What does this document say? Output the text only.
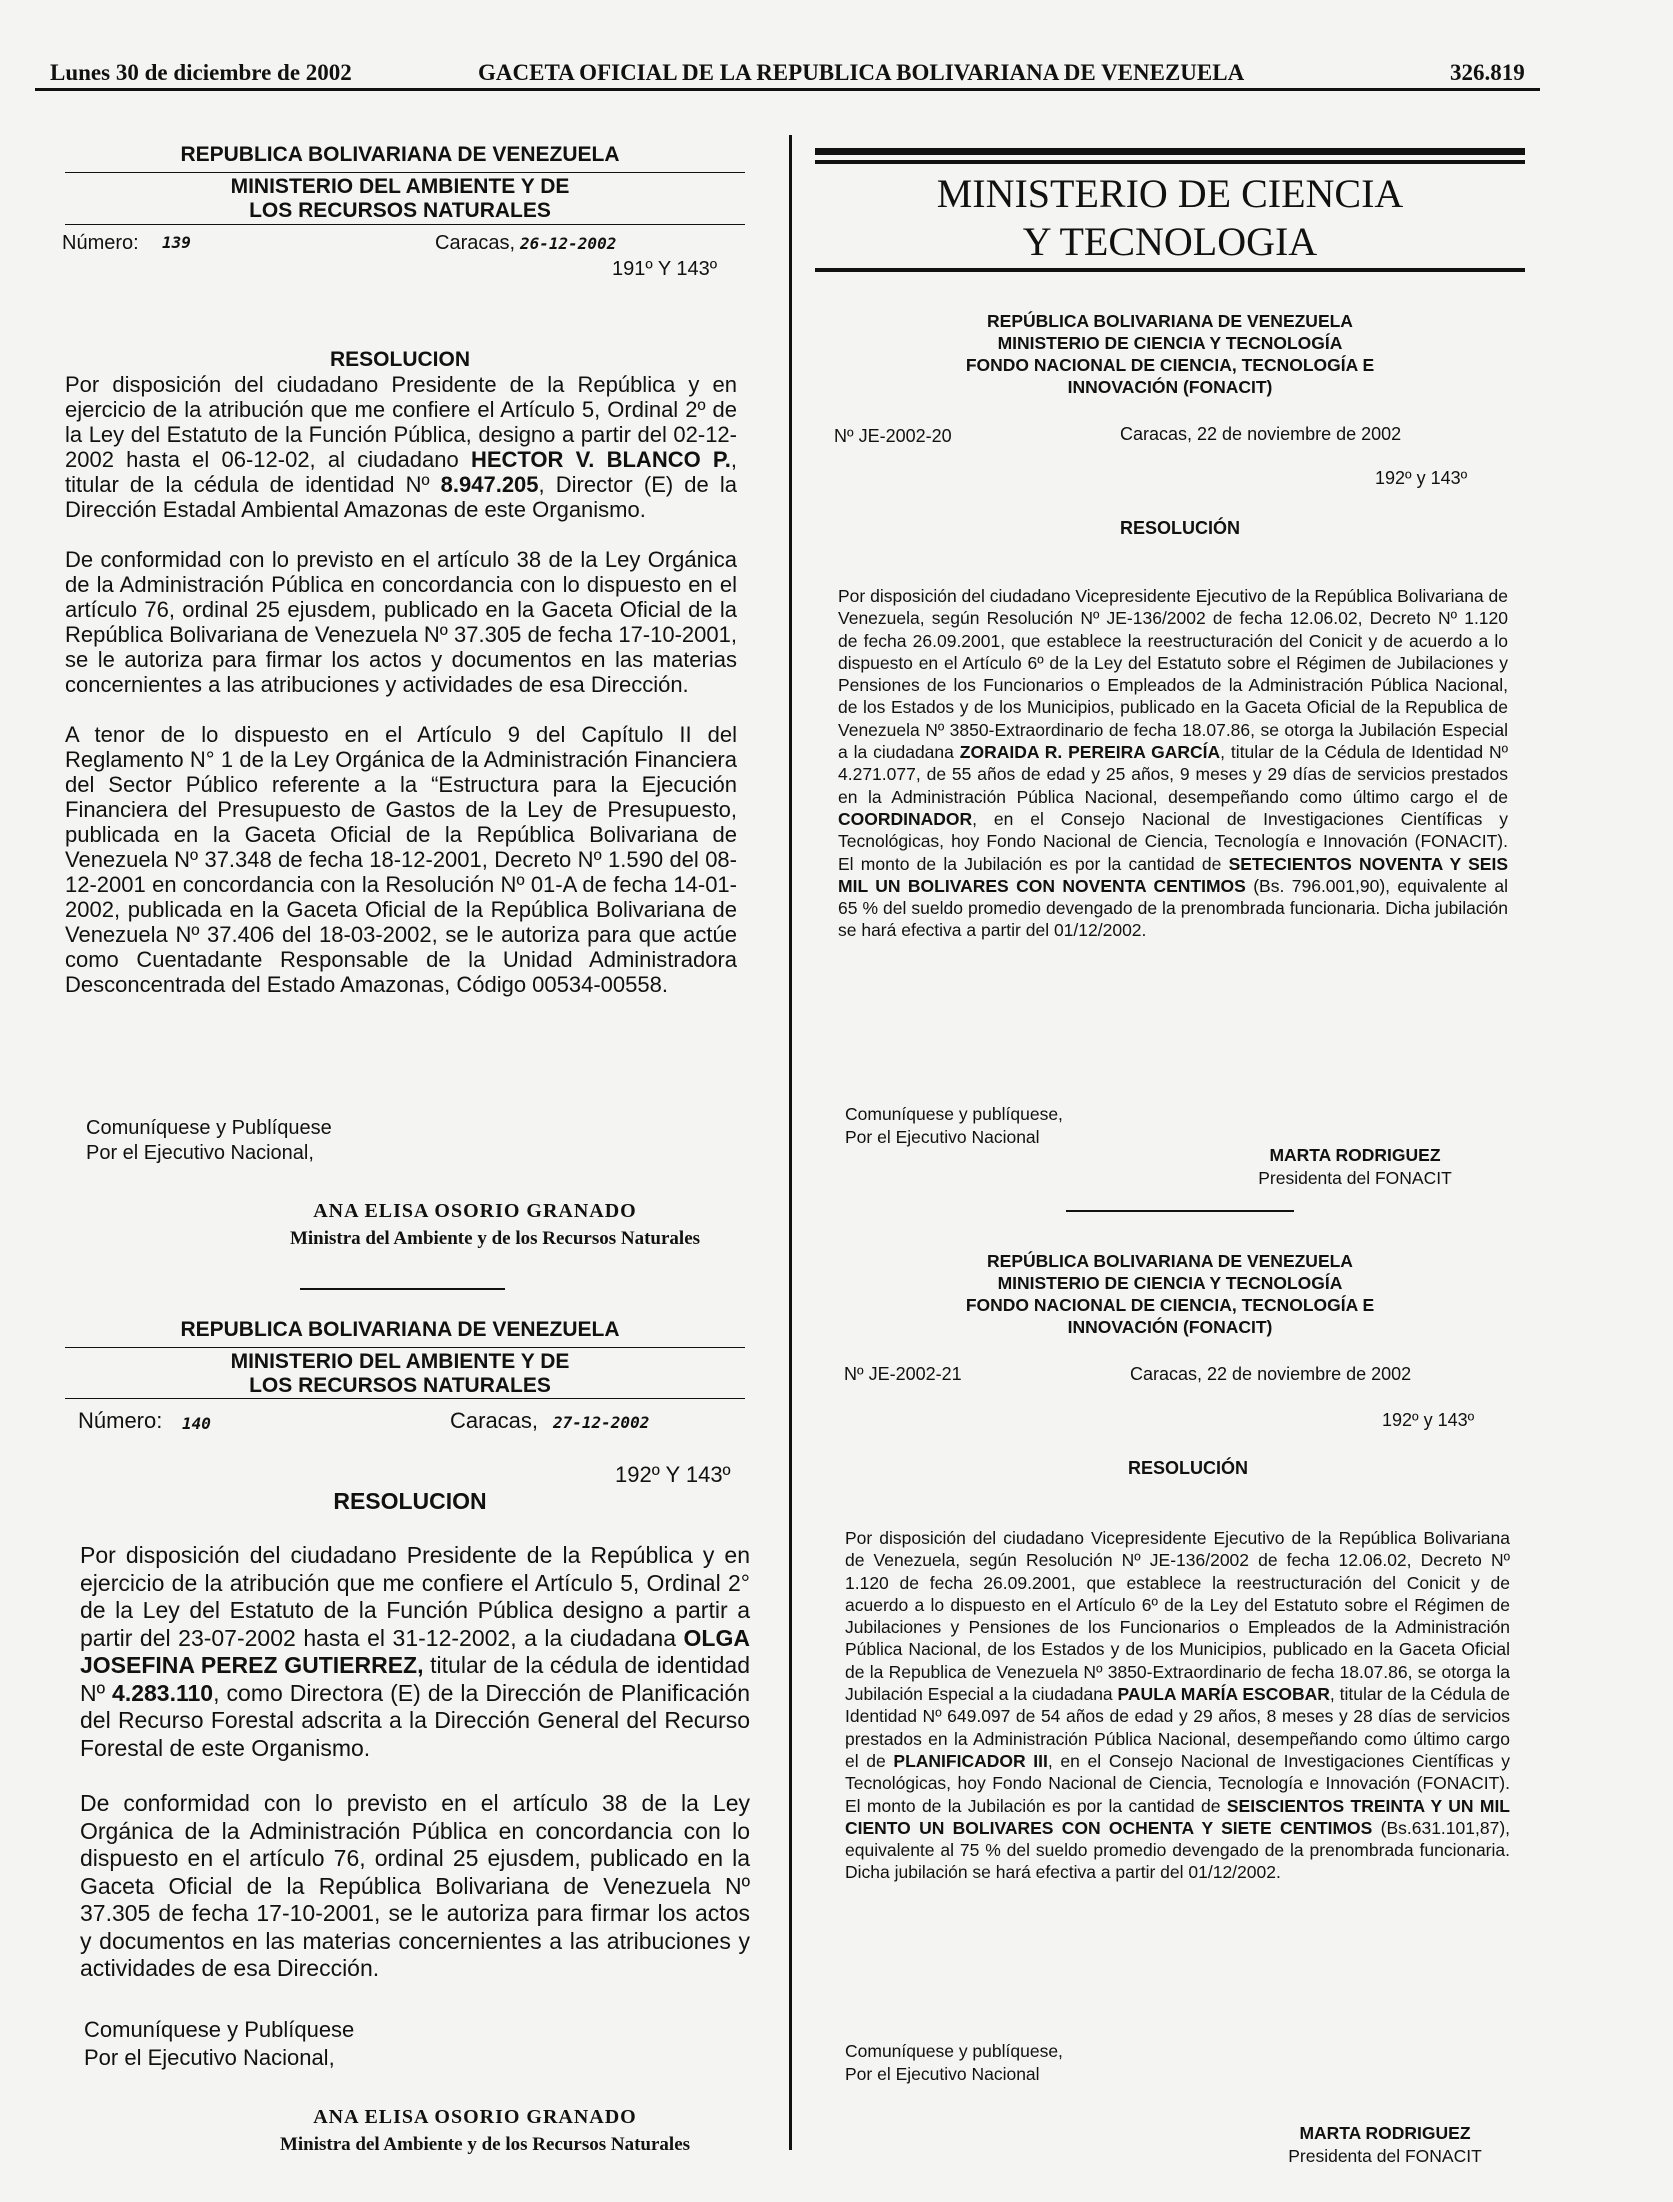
Lunes 30 de diciembre de 2002	GACETA OFICIAL DE LA REPUBLICA BOLIVARIANA DE VENEZUELA	326.819
REPUBLICA BOLIVARIANA DE VENEZUELA
MINISTERIO DEL AMBIENTE Y DE
LOS RECURSOS NATURALES
Número: 139	Caracas, 26-12-2002
191º Y 143º
RESOLUCION

Por disposición del ciudadano Presidente de la República y en ejercicio de la atribución que me confiere el Artículo 5, Ordinal 2º de la Ley del Estatuto de la Función Pública, designo a partir del 02-12-2002 hasta el 06-12-02, al ciudadano HECTOR V. BLANCO P., titular de la cédula de identidad Nº 8.947.205, Director (E) de la Dirección Estadal Ambiental Amazonas de este Organismo.

De conformidad con lo previsto en el artículo 38 de la Ley Orgánica de la Administración Pública en concordancia con lo dispuesto en el artículo 76, ordinal 25 ejusdem, publicado en la Gaceta Oficial de la República Bolivariana de Venezuela Nº 37.305 de fecha 17-10-2001, se le autoriza para firmar los actos y documentos en las materias concernientes a las atribuciones y actividades de esa Dirección.

A tenor de lo dispuesto en el Artículo 9 del Capítulo II del Reglamento N° 1 de la Ley Orgánica de la Administración Financiera del Sector Público referente a la “Estructura para la Ejecución Financiera del Presupuesto de Gastos de la Ley de Presupuesto, publicada en la Gaceta Oficial de la República Bolivariana de Venezuela Nº 37.348 de fecha 18-12-2001, Decreto Nº 1.590 del 08-12-2001 en concordancia con la Resolución Nº 01-A de fecha 14-01-2002, publicada en la Gaceta Oficial de la República Bolivariana de Venezuela Nº 37.406 del 18-03-2002, se le autoriza para que actúe como Cuentadante Responsable de la Unidad Administradora Desconcentrada del Estado Amazonas, Código 00534-00558.

Comuníquese y Publíquese
Por el Ejecutivo Nacional,
ANA ELISA OSORIO GRANADO
Ministra del Ambiente y de los Recursos Naturales
REPUBLICA BOLIVARIANA DE VENEZUELA
MINISTERIO DEL AMBIENTE Y DE
LOS RECURSOS NATURALES
Número: 140	Caracas, 27-12-2002
192º Y 143º
RESOLUCION

Por disposición del ciudadano Presidente de la República y en ejercicio de la atribución que me confiere el Artículo 5, Ordinal 2° de la Ley del Estatuto de la Función Pública designo a partir a partir del 23-07-2002 hasta el 31-12-2002, a la ciudadana OLGA JOSEFINA PEREZ GUTIERREZ, titular de la cédula de identidad Nº 4.283.110, como Directora (E) de la Dirección de Planificación del Recurso Forestal adscrita a la Dirección General del Recurso Forestal de este Organismo.

De conformidad con lo previsto en el artículo 38 de la Ley Orgánica de la Administración Pública en concordancia con lo dispuesto en el artículo 76, ordinal 25 ejusdem, publicado en la Gaceta Oficial de la República Bolivariana de Venezuela Nº 37.305 de fecha 17-10-2001, se le autoriza para firmar los actos y documentos en las materias concernientes a las atribuciones y actividades de esa Dirección.

Comuníquese y Publíquese
Por el Ejecutivo Nacional,
ANA ELISA OSORIO GRANADO
Ministra del Ambiente y de los Recursos Naturales
MINISTERIO DE CIENCIA
Y TECNOLOGIA
REPÚBLICA BOLIVARIANA DE VENEZUELA
MINISTERIO DE CIENCIA Y TECNOLOGÍA
FONDO NACIONAL DE CIENCIA, TECNOLOGÍA E
INNOVACIÓN (FONACIT)
Nº JE-2002-20	Caracas, 22 de noviembre de 2002
192º y 143º
RESOLUCIÓN

Por disposición del ciudadano Vicepresidente Ejecutivo de la República Bolivariana de Venezuela, según Resolución Nº JE-136/2002 de fecha 12.06.02, Decreto Nº 1.120 de fecha 26.09.2001, que establece la reestructuración del Conicit y de acuerdo a lo dispuesto en el Artículo 6º de la Ley del Estatuto sobre el Régimen de Jubilaciones y Pensiones de los Funcionarios o Empleados de la Administración Pública Nacional, de los Estados y de los Municipios, publicado en la Gaceta Oficial de la Republica de Venezuela Nº 3850-Extraordinario de fecha 18.07.86, se otorga la Jubilación Especial a la ciudadana ZORAIDA R. PEREIRA GARCÍA, titular de la Cédula de Identidad Nº 4.271.077, de 55 años de edad y 25 años, 9 meses y 29 días de servicios prestados en la Administración Pública Nacional, desempeñando como último cargo el de COORDINADOR, en el Consejo Nacional de Investigaciones Científicas y Tecnológicas, hoy Fondo Nacional de Ciencia, Tecnología e Innovación (FONACIT). El monto de la Jubilación es por la cantidad de SETECIENTOS NOVENTA Y SEIS MIL UN BOLIVARES CON NOVENTA CENTIMOS (Bs. 796.001,90), equivalente al 65 % del sueldo promedio devengado de la prenombrada funcionaria. Dicha jubilación se hará efectiva a partir del 01/12/2002.

Comuníquese y publíquese,
Por el Ejecutivo Nacional
MARTA RODRIGUEZ
Presidenta del FONACIT
REPÚBLICA BOLIVARIANA DE VENEZUELA
MINISTERIO DE CIENCIA Y TECNOLOGÍA
FONDO NACIONAL DE CIENCIA, TECNOLOGÍA E
INNOVACIÓN (FONACIT)
Nº JE-2002-21	Caracas, 22 de noviembre de 2002
192º y 143º
RESOLUCIÓN

Por disposición del ciudadano Vicepresidente Ejecutivo de la República Bolivariana de Venezuela, según Resolución Nº JE-136/2002 de fecha 12.06.02, Decreto Nº 1.120 de fecha 26.09.2001, que establece la reestructuración del Conicit y de acuerdo a lo dispuesto en el Artículo 6º de la Ley del Estatuto sobre el Régimen de Jubilaciones y Pensiones de los Funcionarios o Empleados de la Administración Pública Nacional, de los Estados y de los Municipios, publicado en la Gaceta Oficial de la Republica de Venezuela Nº 3850-Extraordinario de fecha 18.07.86, se otorga la Jubilación Especial a la ciudadana PAULA MARÍA ESCOBAR, titular de la Cédula de Identidad Nº 649.097 de 54 años de edad y 29 años, 8 meses y 28 días de servicios prestados en la Administración Pública Nacional, desempeñando como último cargo el de PLANIFICADOR III, en el Consejo Nacional de Investigaciones Científicas y Tecnológicas, hoy Fondo Nacional de Ciencia, Tecnología e Innovación (FONACIT). El monto de la Jubilación es por la cantidad de SEISCIENTOS TREINTA Y UN MIL CIENTO UN BOLIVARES CON OCHENTA Y SIETE CENTIMOS (Bs.631.101,87), equivalente al 75 % del sueldo promedio devengado de la prenombrada funcionaria. Dicha jubilación se hará efectiva a partir del 01/12/2002.

Comuníquese y publíquese,
Por el Ejecutivo Nacional
MARTA RODRIGUEZ
Presidenta del FONACIT
